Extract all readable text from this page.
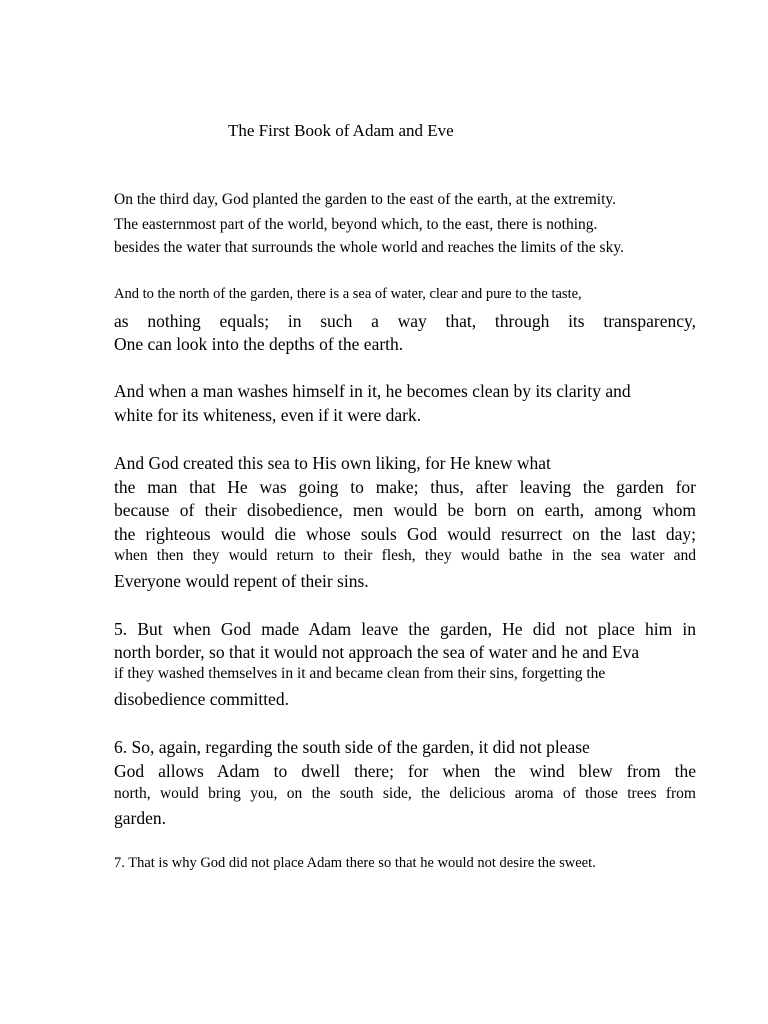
The First Book of Adam and Eve

On the third day, God planted the garden to the east of the earth, at the extremity.

The easternmost part of the world, beyond which, to the east, there is nothing.

besides the water that surrounds the whole world and reaches the limits of the sky.

And to the north of the garden, there is a sea of water, clear and pure to the taste,

as nothing equals; in such a way that, through its transparency,

One can look into the depths of the earth.

And when a man washes himself in it, he becomes clean by its clarity and

white for its whiteness, even if it were dark.

And God created this sea to His own liking, for He knew what

the man that He was going to make; thus, after leaving the garden for

because of their disobedience, men would be born on earth, among whom

the righteous would die whose souls God would resurrect on the last day;

when then they would return to their flesh, they would bathe in the sea water and

Everyone would repent of their sins.

5. But when God made Adam leave the garden, He did not place him in

north border, so that it would not approach the sea of water and he and Eva

if they washed themselves in it and became clean from their sins, forgetting the

disobedience committed.

6. So, again, regarding the south side of the garden, it did not please

God allows Adam to dwell there; for when the wind blew from the

north, would bring you, on the south side, the delicious aroma of those trees from

garden.

7. That is why God did not place Adam there so that he would not desire the sweet.
